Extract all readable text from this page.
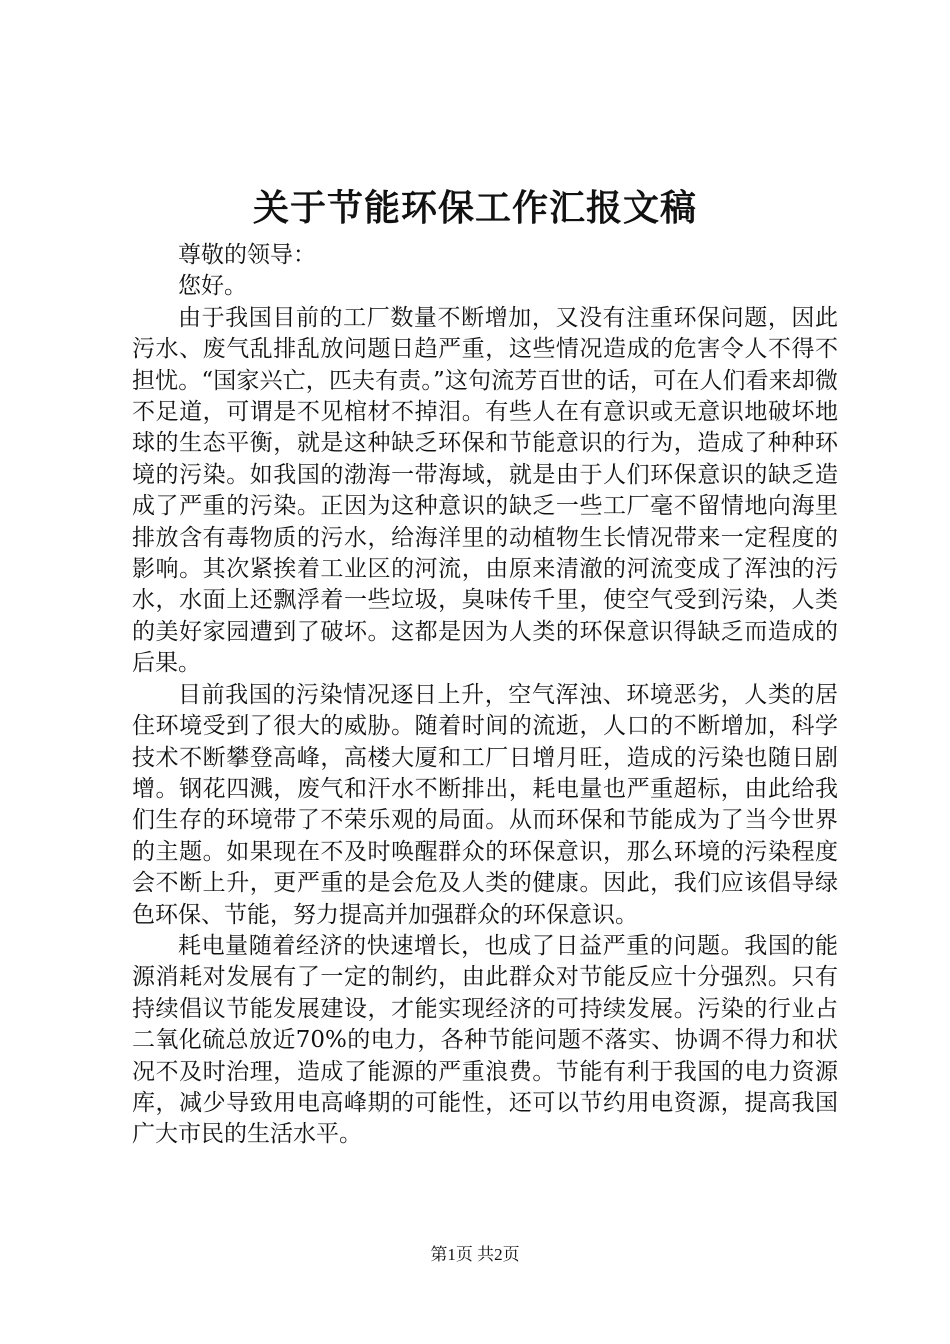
关于节能环保工作汇报文稿

尊敬的领导：

您好。

由于我国目前的工厂数量不断增加，又没有注重环保问题，因此污水、废气乱排乱放问题日趋严重，这些情况造成的危害令人不得不担忧。“国家兴亡，匹夫有责。”这句流芳百世的话，可在人们看来却微不足道，可谓是不见棺材不掉泪。有些人在有意识或无意识地破坏地球的生态平衡，就是这种缺乏环保和节能意识的行为，造成了种种环境的污染。如我国的渤海一带海域，就是由于人们环保意识的缺乏造成了严重的污染。正因为这种意识的缺乏一些工厂毫不留情地向海里排放含有毒物质的污水，给海洋里的动植物生长情况带来一定程度的影响。其次紧挨着工业区的河流，由原来清澈的河流变成了浑浊的污水，水面上还飘浮着一些垃圾，臭味传千里，使空气受到污染，人类的美好家园遭到了破坏。这都是因为人类的环保意识得缺乏而造成的后果。

目前我国的污染情况逐日上升，空气浑浊、环境恶劣，人类的居住环境受到了很大的威胁。随着时间的流逝，人口的不断增加，科学技术不断攀登高峰，高楼大厦和工厂日增月旺，造成的污染也随日剧增。钢花四溅，废气和汗水不断排出，耗电量也严重超标，由此给我们生存的环境带了不荣乐观的局面。从而环保和节能成为了当今世界的主题。如果现在不及时唤醒群众的环保意识，那么环境的污染程度会不断上升，更严重的是会危及人类的健康。因此，我们应该倡导绿色环保、节能，努力提高并加强群众的环保意识。

耗电量随着经济的快速增长，也成了日益严重的问题。我国的能源消耗对发展有了一定的制约，由此群众对节能反应十分强烈。只有持续倡议节能发展建设，才能实现经济的可持续发展。污染的行业占二氧化硫总放近70%的电力，各种节能问题不落实、协调不得力和状况不及时治理，造成了能源的严重浪费。节能有利于我国的电力资源库，减少导致用电高峰期的可能性，还可以节约用电资源，提高我国广大市民的生活水平。

第1页 共2页
